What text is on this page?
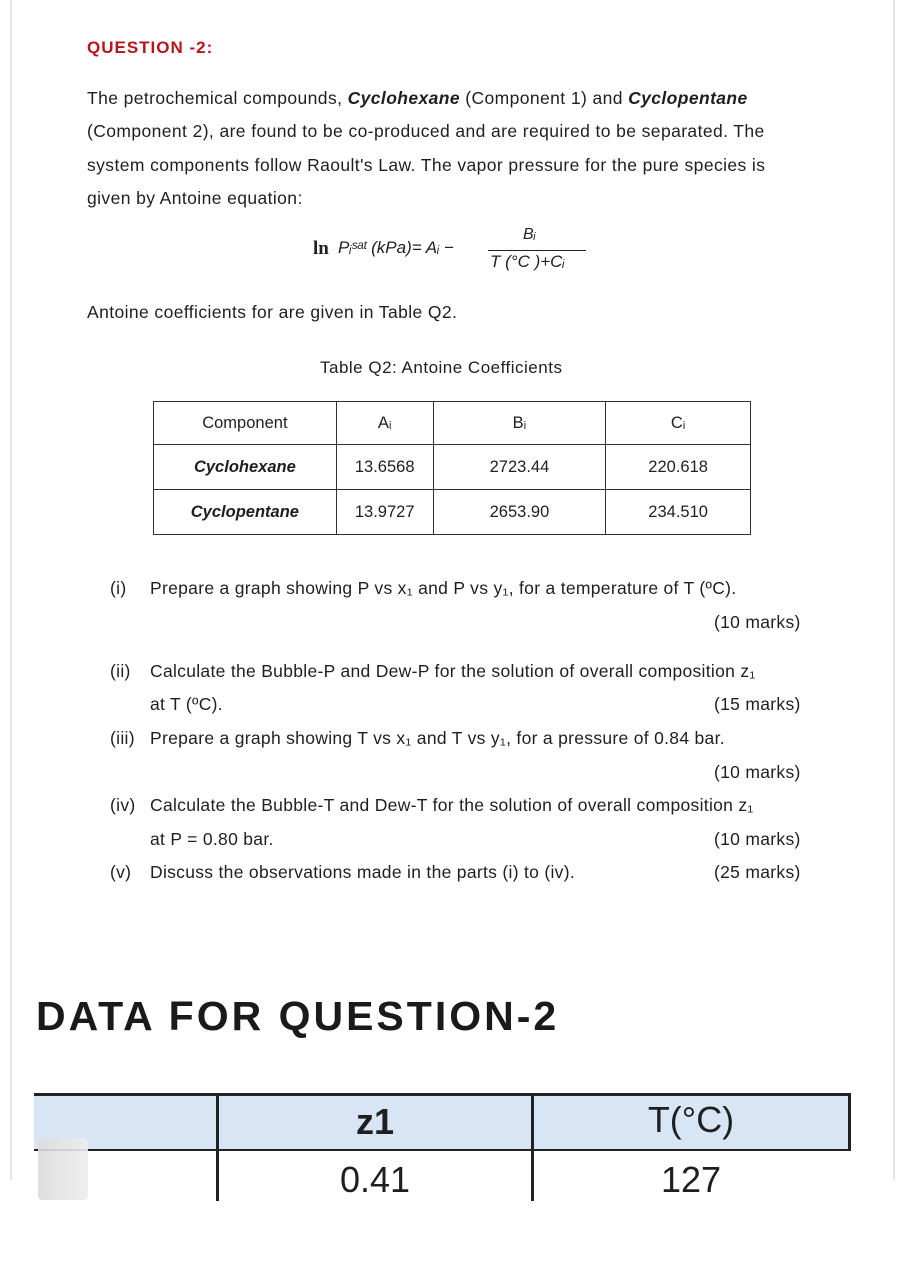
QUESTION -2:
The petrochemical compounds, Cyclohexane (Component 1) and Cyclopentane
(Component 2), are found to be co-produced and are required to be separated. The
system components follow Raoult's Law. The vapor pressure for the pure species is
given by Antoine equation:
ln Pᵢˢᵃᵗ (kPa)= Aᵢ −
Bᵢ
T (°C )+Cᵢ
Antoine coefficients for are given in Table Q2.
Table Q2: Antoine Coefficients
Component	Aᵢ	Bᵢ	Cᵢ
Cyclohexane	13.6568	2723.44	220.618
Cyclopentane	13.9727	2653.90	234.510
(i) Prepare a graph showing P vs x₁ and P vs y₁, for a temperature of T (ºC).
(10 marks)
(ii) Calculate the Bubble-P and Dew-P for the solution of overall composition z₁
at T (ºC).	(15 marks)
(iii) Prepare a graph showing T vs x₁ and T vs y₁, for a pressure of 0.84 bar.
(10 marks)
(iv) Calculate the Bubble-T and Dew-T for the solution of overall composition z₁
at P = 0.80 bar.	(10 marks)
(v) Discuss the observations made in the parts (i) to (iv).	(25 marks)
DATA FOR QUESTION-2
z1	T(°C)
0.41	127
